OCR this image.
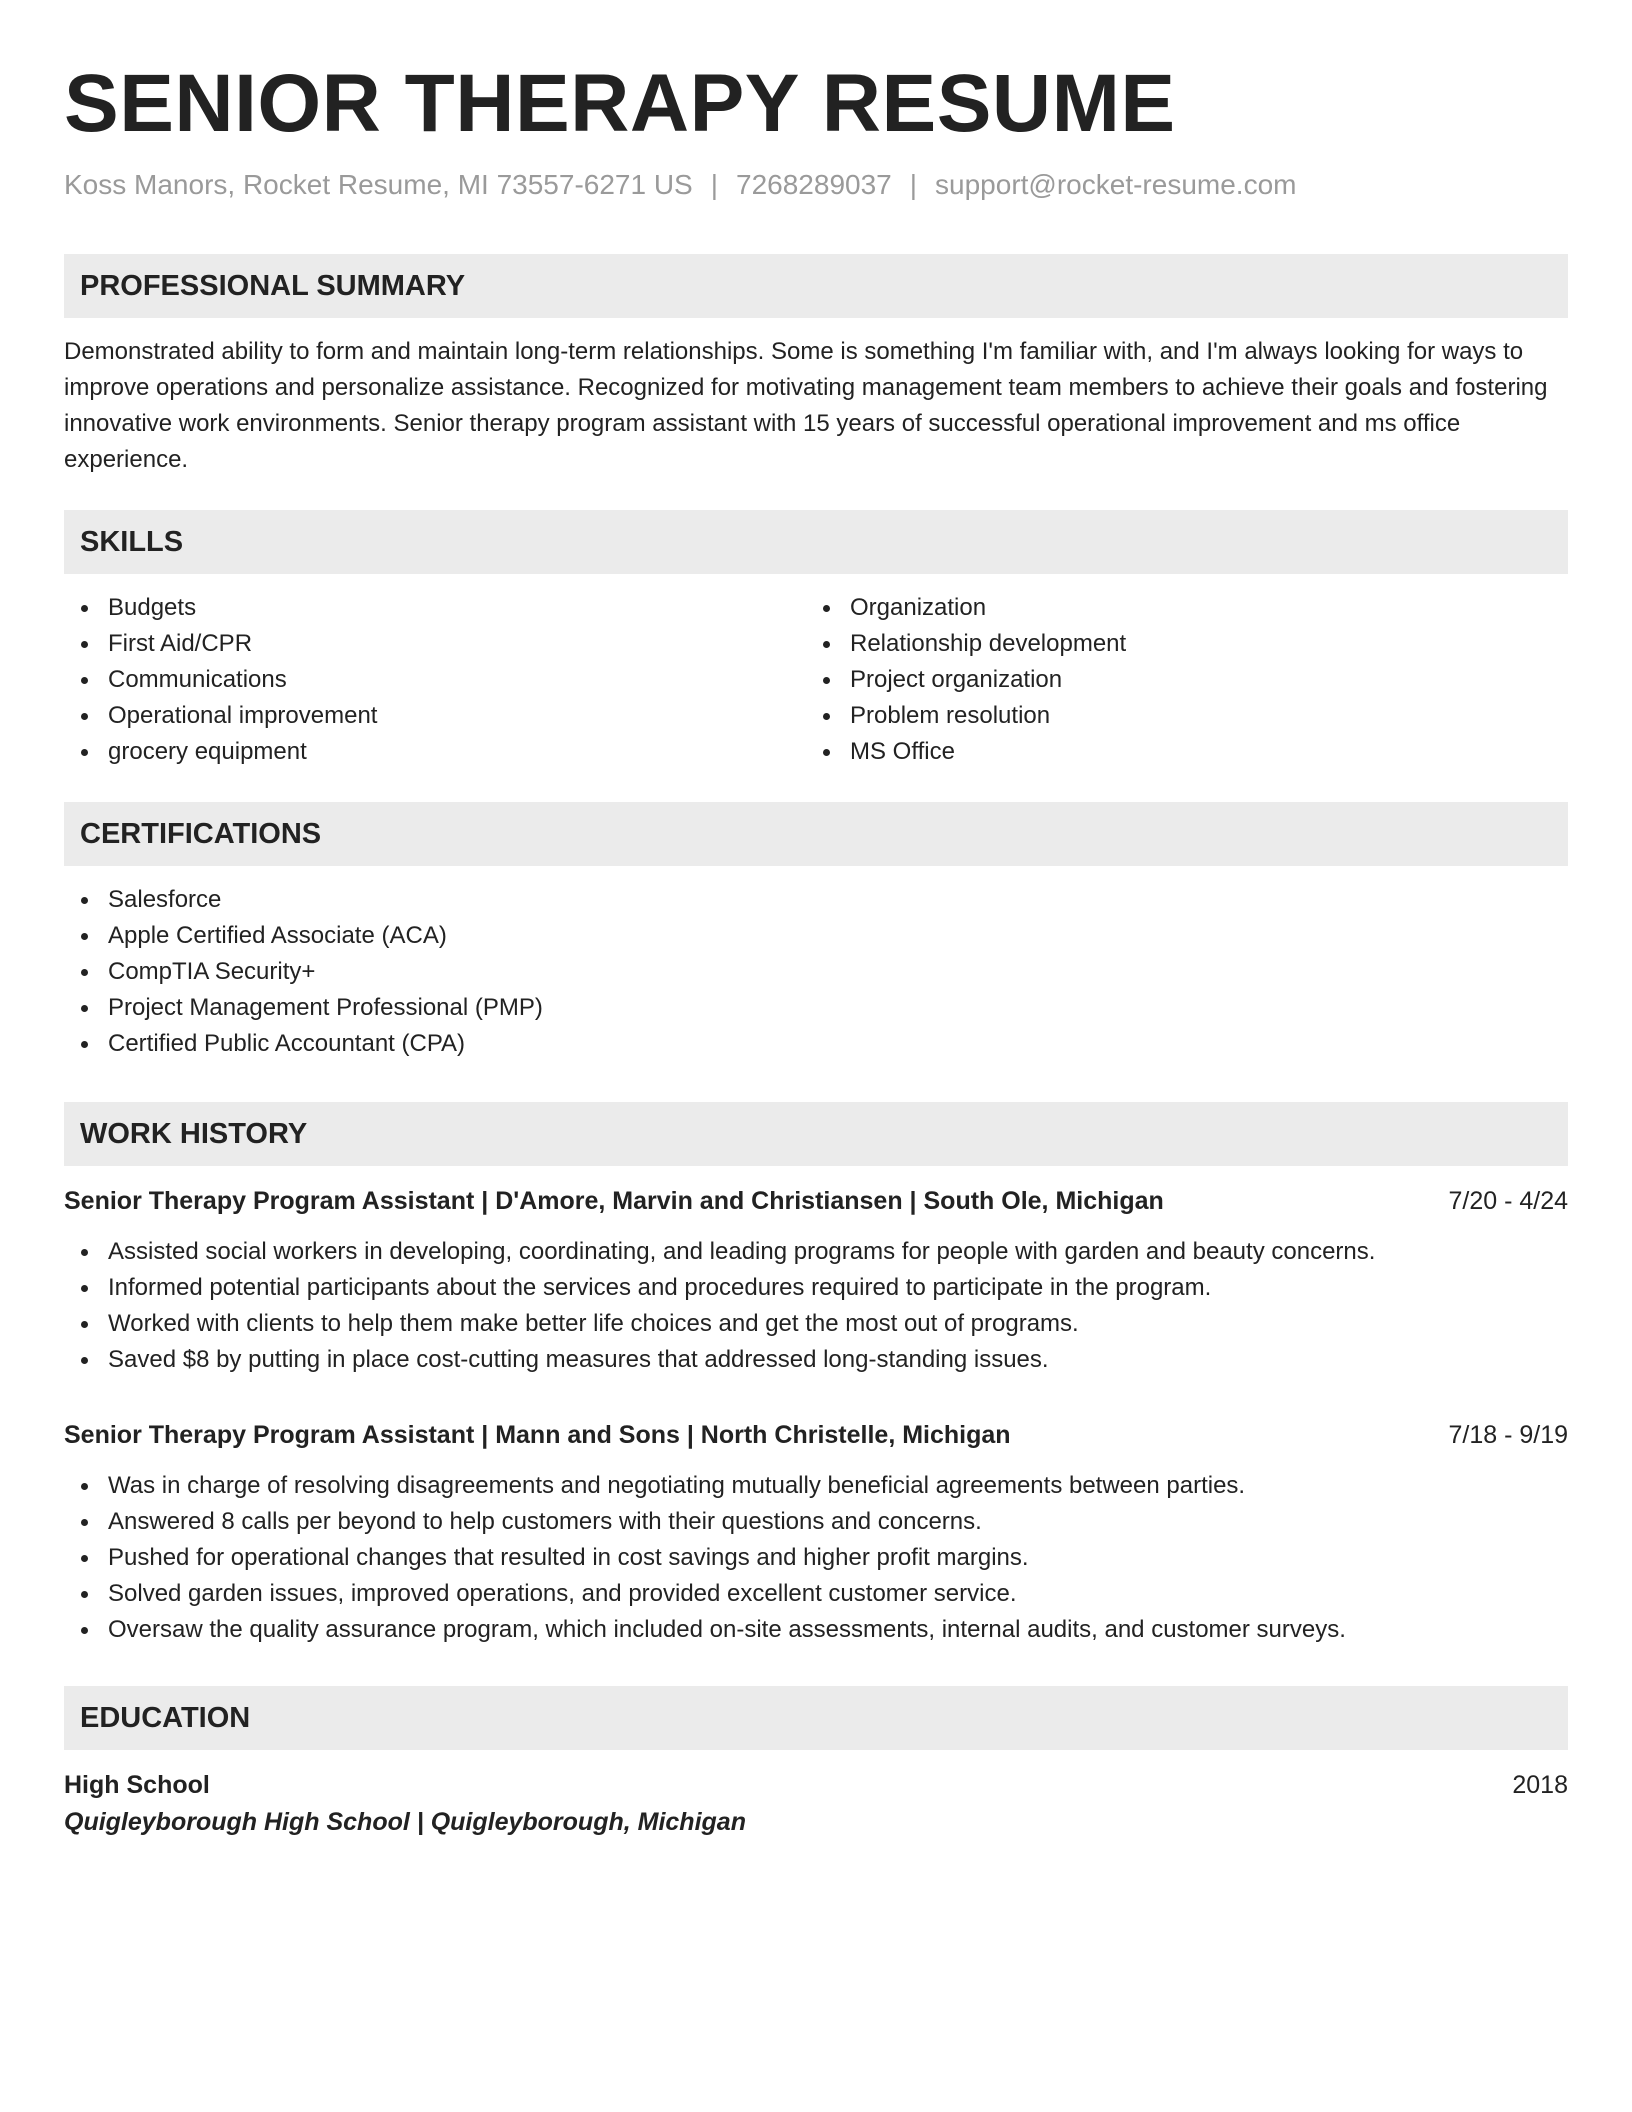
SENIOR THERAPY RESUME
Koss Manors, Rocket Resume, MI 73557-6271 US | 7268289037 | support@rocket-resume.com
PROFESSIONAL SUMMARY

Demonstrated ability to form and maintain long-term relationships. Some is something I'm familiar with, and I'm always looking for ways to improve operations and personalize assistance. Recognized for motivating management team members to achieve their goals and fostering innovative work environments. Senior therapy program assistant with 15 years of successful operational improvement and ms office experience.

SKILLS
Budgets
First Aid/CPR
Communications
Operational improvement
grocery equipment
Organization
Relationship development
Project organization
Problem resolution
MS Office
CERTIFICATIONS
Salesforce
Apple Certified Associate (ACA)
CompTIA Security+
Project Management Professional (PMP)
Certified Public Accountant (CPA)
WORK HISTORY
Senior Therapy Program Assistant | D'Amore, Marvin and Christiansen | South Ole, Michigan	7/20 - 4/24
Assisted social workers in developing, coordinating, and leading programs for people with garden and beauty concerns.
Informed potential participants about the services and procedures required to participate in the program.
Worked with clients to help them make better life choices and get the most out of programs.
Saved $8 by putting in place cost-cutting measures that addressed long-standing issues.
Senior Therapy Program Assistant | Mann and Sons | North Christelle, Michigan	7/18 - 9/19
Was in charge of resolving disagreements and negotiating mutually beneficial agreements between parties.
Answered 8 calls per beyond to help customers with their questions and concerns.
Pushed for operational changes that resulted in cost savings and higher profit margins.
Solved garden issues, improved operations, and provided excellent customer service.
Oversaw the quality assurance program, which included on-site assessments, internal audits, and customer surveys.
EDUCATION
High School	2018
Quigleyborough High School | Quigleyborough, Michigan
